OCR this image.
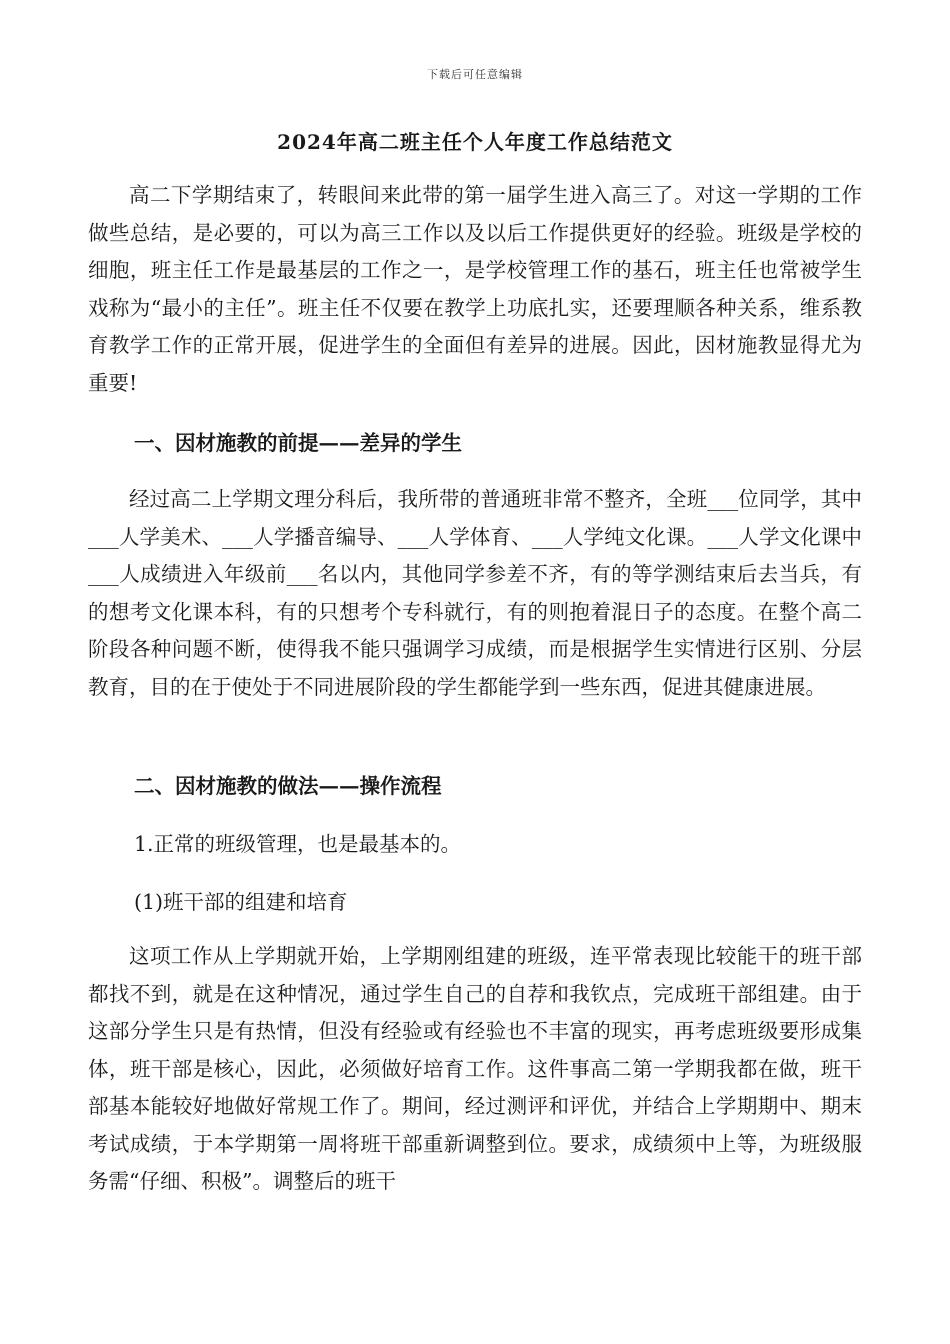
下载后可任意编辑
2024年高二班主任个人年度工作总结范文

高二下学期结束了，转眼间来此带的第一届学生进入高三了。对这一学期的工作做些总结，是必要的，可以为高三工作以及以后工作提供更好的经验。班级是学校的细胞，班主任工作是最基层的工作之一，是学校管理工作的基石，班主任也常被学生戏称为“最小的主任”。班主任不仅要在教学上功底扎实，还要理顺各种关系，维系教育教学工作的正常开展，促进学生的全面但有差异的进展。因此，因材施教显得尤为重要!

一、因材施教的前提——差异的学生

经过高二上学期文理分科后，我所带的普通班非常不整齐，全班___位同学，其中___人学美术、___人学播音编导、___人学体育、___人学纯文化课。___人学文化课中___人成绩进入年级前___名以内，其他同学参差不齐，有的等学测结束后去当兵，有的想考文化课本科，有的只想考个专科就行，有的则抱着混日子的态度。在整个高二阶段各种问题不断，使得我不能只强调学习成绩，而是根据学生实情进行区别、分层教育，目的在于使处于不同进展阶段的学生都能学到一些东西，促进其健康进展。

二、因材施教的做法——操作流程
1.正常的班级管理，也是最基本的。
(1)班干部的组建和培育

这项工作从上学期就开始，上学期刚组建的班级，连平常表现比较能干的班干部都找不到，就是在这种情况，通过学生自己的自荐和我钦点，完成班干部组建。由于这部分学生只是有热情，但没有经验或有经验也不丰富的现实，再考虑班级要形成集体，班干部是核心，因此，必须做好培育工作。这件事高二第一学期我都在做，班干部基本能较好地做好常规工作了。期间，经过测评和评优，并结合上学期期中、期末考试成绩，于本学期第一周将班干部重新调整到位。要求，成绩须中上等，为班级服务需“仔细、积极”。调整后的班干
